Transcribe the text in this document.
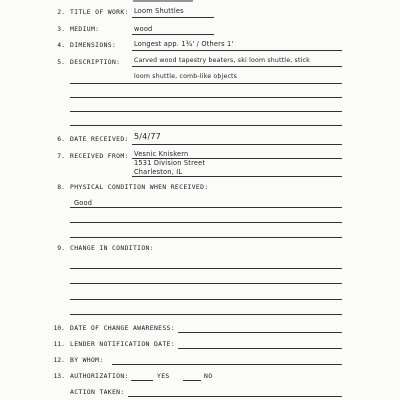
2. TITLE OF WORK: Loom Shuttles
3. MEDIUM:	wood
4. DIMENSIONS:	Longest app. 1¾' / Others 1'
5. DESCRIPTION: Carved wood tapestry beaters, ski loom shuttle, stick
loom shuttle, comb-like objects
6. DATE RECEIVED: 5/4/77
7. RECEIVED FROM: Vesnic Kniskern
1531 Division Street
Charleston, IL
8. PHYSICAL CONDITION WHEN RECEIVED:
Good
9. CHANGE IN CONDITION:
10. DATE OF CHANGE AWARENESS:
11. LENDER NOTIFICATION DATE:
12. BY WHOM:
13. AUTHORIZATION:	YES	NO
ACTION TAKEN:
